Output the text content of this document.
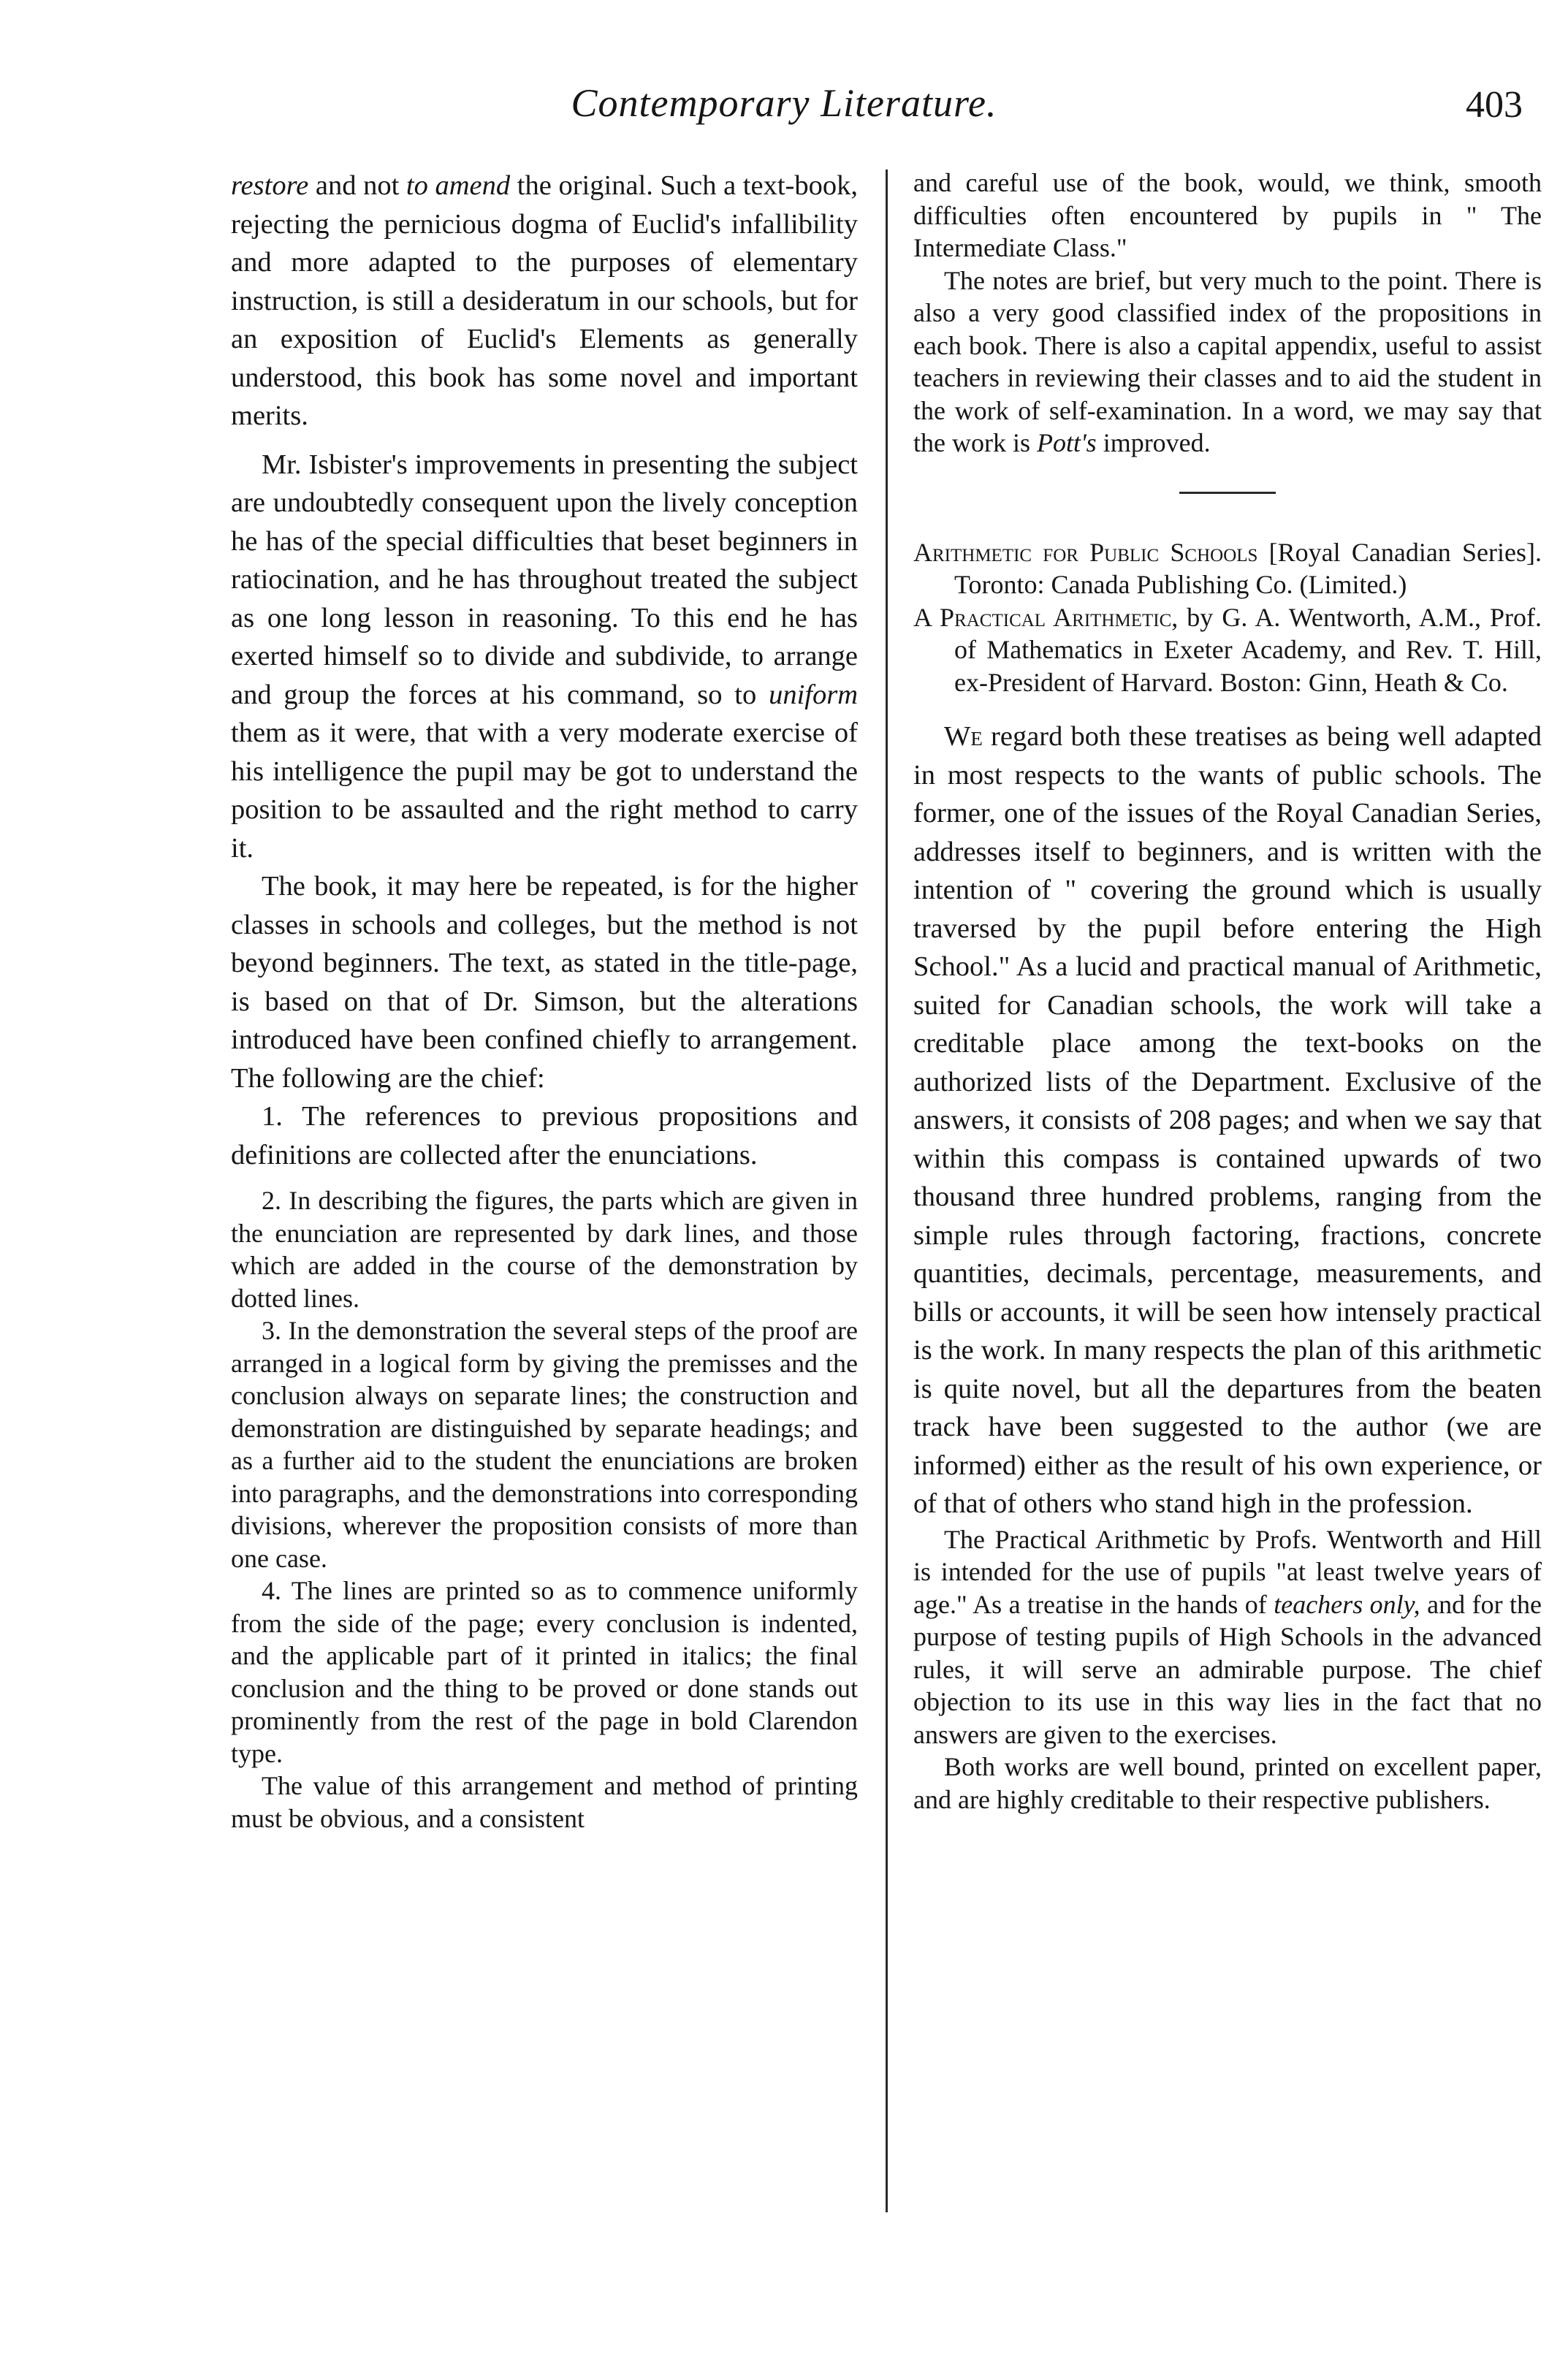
Contemporary Literature.	403

restore and not to amend the original. Such a text-book, rejecting the pernicious dogma of Euclid's infallibility and more adapted to the purposes of elementary instruction, is still a desideratum in our schools, but for an exposition of Euclid's Elements as generally understood, this book has some novel and important merits.

Mr. Isbister's improvements in presenting the subject are undoubtedly consequent upon the lively conception he has of the special difficulties that beset beginners in ratiocination, and he has throughout treated the subject as one long lesson in reasoning. To this end he has exerted himself so to divide and subdivide, to arrange and group the forces at his command, so to uniform them as it were, that with a very moderate exercise of his intelligence the pupil may be got to understand the position to be assaulted and the right method to carry it.

The book, it may here be repeated, is for the higher classes in schools and colleges, but the method is not beyond beginners. The text, as stated in the title-page, is based on that of Dr. Simson, but the alterations introduced have been confined chiefly to arrangement. The following are the chief:

1. The references to previous propositions and definitions are collected after the enunciations.

2. In describing the figures, the parts which are given in the enunciation are represented by dark lines, and those which are added in the course of the demonstration by dotted lines.

3. In the demonstration the several steps of the proof are arranged in a logical form by giving the premisses and the conclusion always on separate lines; the construction and demonstration are distinguished by separate headings; and as a further aid to the student the enunciations are broken into paragraphs, and the demonstrations into corresponding divisions, wherever the proposition consists of more than one case.

4. The lines are printed so as to commence uniformly from the side of the page; every conclusion is indented, and the applicable part of it printed in italics; the final conclusion and the thing to be proved or done stands out prominently from the rest of the page in bold Clarendon type.

The value of this arrangement and method of printing must be obvious, and a consistent

and careful use of the book, would, we think, smooth difficulties often encountered by pupils in " The Intermediate Class."

The notes are brief, but very much to the point. There is also a very good classified index of the propositions in each book. There is also a capital appendix, useful to assist teachers in reviewing their classes and to aid the student in the work of self-examination. In a word, we may say that the work is Pott's improved.

Arithmetic for Public Schools [Royal Canadian Series]. Toronto: Canada Publishing Co. (Limited.)

A Practical Arithmetic, by G. A. Wentworth, A.M., Prof. of Mathematics in Exeter Academy, and Rev. T. Hill, ex-President of Harvard. Boston: Ginn, Heath & Co.

We regard both these treatises as being well adapted in most respects to the wants of public schools. The former, one of the issues of the Royal Canadian Series, addresses itself to beginners, and is written with the intention of " covering the ground which is usually traversed by the pupil before entering the High School." As a lucid and practical manual of Arithmetic, suited for Canadian schools, the work will take a creditable place among the text-books on the authorized lists of the Department. Exclusive of the answers, it consists of 208 pages; and when we say that within this compass is contained upwards of two thousand three hundred problems, ranging from the simple rules through factoring, fractions, concrete quantities, decimals, percentage, measurements, and bills or accounts, it will be seen how intensely practical is the work. In many respects the plan of this arithmetic is quite novel, but all the departures from the beaten track have been suggested to the author (we are informed) either as the result of his own experience, or of that of others who stand high in the profession.

The Practical Arithmetic by Profs. Wentworth and Hill is intended for the use of pupils "at least twelve years of age." As a treatise in the hands of teachers only, and for the purpose of testing pupils of High Schools in the advanced rules, it will serve an admirable purpose. The chief objection to its use in this way lies in the fact that no answers are given to the exercises.

Both works are well bound, printed on excellent paper, and are highly creditable to their respective publishers.
